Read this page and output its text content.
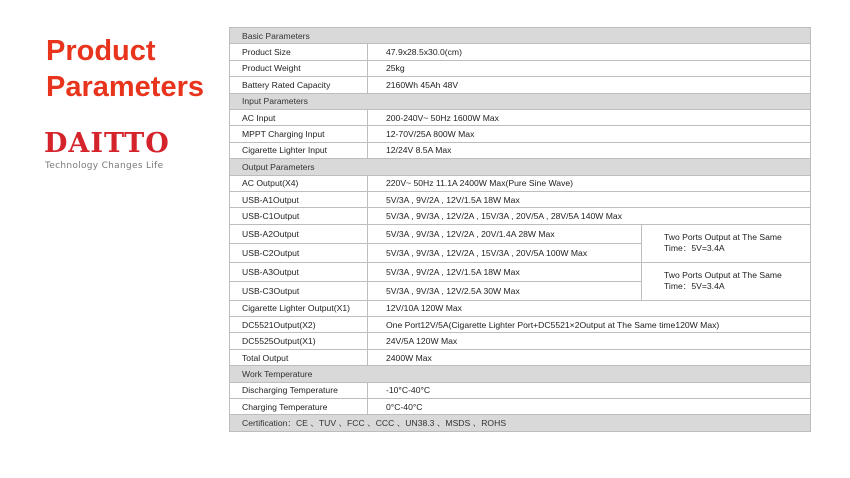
Product
Parameters
DAITTO
Technology Changes Life
Basic Parameters		
Product Size	47.9x28.5x30.0(cm)	
Product Weight	25kg	
Battery Rated Capacity	2160Wh 45Ah 48V	
Input Parameters		
AC Input	200-240V~ 50Hz 1600W Max	
MPPT Charging Input	12-70V/25A 800W Max	
Cigarette Lighter Input	12/24V 8.5A Max	
Output Parameters		
AC Output(X4)	220V~ 50Hz 11.1A 2400W Max(Pure Sine Wave)	
USB-A1Output	5V/3A , 9V/2A , 12V/1.5A 18W Max	
USB-C1Output	5V/3A , 9V/3A , 12V/2A , 15V/3A , 20V/5A , 28V/5A 140W Max	
USB-A2Output	5V/3A , 9V/3A , 12V/2A , 20V/1.4A 28W Max	Two Ports Output at The Same
Time：5V=3.4A
USB-C2Output	5V/3A , 9V/3A , 12V/2A , 15V/3A , 20V/5A 100W Max	
USB-A3Output	5V/3A , 9V/2A , 12V/1.5A 18W Max	Two Ports Output at The Same
Time：5V=3.4A
USB-C3Output	5V/3A , 9V/3A , 12V/2.5A 30W Max	
Cigarette Lighter Output(X1)	12V/10A 120W Max	
DC5521Output(X2)	One Port12V/5A(Cigarette Lighter Port+DC5521×2Output at The Same time120W Max)	
DC5525Output(X1)	24V/5A 120W Max	
Total Output	2400W Max	
Work Temperature		
Discharging Temperature	-10°C-40°C	
Charging Temperature	0°C-40°C	
Certification：CE 、TUV 、FCC 、CCC 、UN38.3 、MSDS 、ROHS		
